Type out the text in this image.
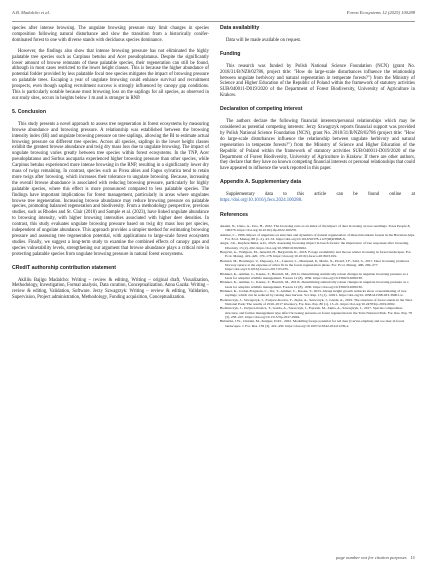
A.B. Madalcho et al.	Forest Ecosystems 12 (2025) 100288

species after intense browsing. The ungulate browsing pressure may limit changes in species composition following natural disturbance and slow the transition from a historically conifer-dominated forest to one with diverse stands with deciduous species dominance.

However, the findings also show that intense browsing pressure has not eliminated the highly palatable tree species such as Carpinus betulus and Acer pseudoplatanus. Despite the significantly lower amount of browse remnants of these palatable species, their regeneration can still be found, although in most cases restricted to the lower height classes. This is because the higher abundance of potential fodder provided by less palatable focal tree species mitigates the impact of browsing pressure on palatable trees. Escaping a year of ungulate browsing could enhance survival and recruitment prospects, even though sapling recruitment success is strongly influenced by canopy gap conditions. This is particularly notable because most browsing loss on the saplings for all species, as observed in our study sites, occurs in heights below 1 m and is stronger in RNP.

5. Conclusion

This study presents a novel approach to assess tree regeneration in forest ecosystems by measuring browse abundance and browsing pressure. A relationship was established between the browsing intensity index (BI) and ungulate browsing pressure on tree saplings, allowing the BI to estimate actual browsing pressure on different tree species. Across all species, saplings in the lower height classes exhibit the greatest browse abundance and twig dry mass loss due to ungulate browsing. The impact of ungulate browsing varies greatly between tree species within forest ecosystems. In the TNP, Acer pseudoplatanus and Sorbus aucuparia experienced higher browsing pressure than other species, while Carpinus betulus experienced more intense browsing in the RNP, resulting in a significantly lower dry mass of twigs remaining. In contrast, species such as Picea abies and Fagus sylvatica tend to retain more twigs after browsing, which increases their tolerance to ungulate browsing. Because, increasing the overall browse abundance is associated with reducing browsing pressure, particularly for highly palatable species, where this effect is more pronounced compared to less palatable species. The findings have important implications for forest management, particularly in areas where ungulates browse tree regeneration. Increasing browse abundance may reduce browsing pressure on palatable species, promoting balanced regeneration and biodiversity. From a methodology perspective, previous studies, such as Rhodes and St. Clair (2018) and Sample et al. (2023), have linked ungulate abundance to browsing intensity, with higher browsing intensities associated with higher deer densities. In contrast, this study evaluates ungulate browsing pressure based on twig dry mass loss per species, independent of ungulate abundance. This approach provides a simpler method for estimating browsing pressure and assessing tree regeneration potential, with applications to large-scale forest ecosystem studies. Finally, we suggest a long-term study to examine the combined effects of canopy gaps and species vulnerability levels, strengthening our argument that browse abundance plays a critical role in protecting palatable species from ungulate browsing pressure in natural forest ecosystems.

CRediT authorship contribution statement

Akililu Bajigo Madalcho: Writing – review & editing, Writing – original draft, Visualization, Methodology, Investigation, Formal analysis, Data curation, Conceptualization. Anna Gazda: Writing – review & editing, Validation, Software. Jerzy Szwagrzyk: Writing – review & editing, Validation, Supervision, Project administration, Methodology, Funding acquisition, Conceptualization.

Data availability

Data will be made available on request.

Funding

This research was funded by Polish National Science Foundation (NCN) (grant No. 2018/31/B/NZ8/02786, project title: "How do large-scale disturbances influence the relationship between ungulate herbivory and natural regeneration in temperate forests?") from the Ministry of Science and Higher Education of the Republic of Poland within the framework of statutory activities SUB/040011-D019/2020 of the Department of Forest Biodiversity, University of Agriculture in Krakow.

Declaration of competing interest

The authors declare the following financial interests/personal relationships which may be considered as potential competing interests: Jerzy Szwagrzyk reports financial support was provided by Polish National Science Foundation (NCN), grant No. 2018/31/B/NZ8/02786 (project title: "How do large-scale disturbances influence the relationship between ungulate herbivory and natural regeneration in temperate forests?") from the Ministry of Science and Higher Education of the Republic of Poland within the framework of statutory activities SUB/040011-D019/2020 of the Department of Forest Biodiversity, University of Agriculture in Krakow. If there are other authors, they declare that they have no known competing financial interests or personal relationships that could have appeared to influence the work reported in this paper.

Appendix A. Supplementary data

Supplementary data to this article can be found online at https://doi.org/10.1016/j.fecs.2024.100288.

References

Akashi, N., Unno, A., Uno, H., 2022. The browsing ratio as an index of the impact of deer browsing on tree seedlings. Trees People 8, 100270. https://doi.org/10.1016/j.tfp.2022.100270.

Ammer, C., 1996. Impact of ungulates on structure and dynamics of natural regeneration of mixed mountain forests in the Bavarian Alps. For. Ecol. Manag. 88 (1–2), 43–53. https://doi.org/10.1016/S0378-1127(96)03808-X.

Angst, J.K., Kupferschmid, A.D., 2023. Assessing browsing impact in beech forests: the importance of tree responses after browsing. Diversity 15 (2), 262. https://doi.org/10.3390/d15020262.

Bergvist, G., Wallgren, M., Jernelid, H., Bergström, R., 2018. Forage availability and moose winter browsing in forest landscapes. For. Ecol. Manag. 419–420, 170–178. https://doi.org/10.1016/j.foreco.2018.03.019.

Bernard, M., Boulanger, V., Dupouey, J.L., Laurent, L., Montpied, P., Morin, X., Picard, J.F., Saïd, S., 2017. Deer browsing promotes Norway spruce at the expense of silver fir in the forest regeneration phase. For. Ecol. Manag. 400, 269–277. https://doi.org/10.1016/j.foreco.2017.05.035.

Bödeker, K., Ammer, C., Knoke, T., Heurich, M., 2021a. Determining statistically robust changes in ungulate browsing pressure as a basis for adaptive wildlife management. Forests 12 (8), 1030. https://doi.org/10.3390/f12081030.

Bödeker, K., Ammer, C., Knoke, T., Heurich, M., 2021b. Determining statistically robust changes in ungulate browsing pressure as a basis for adaptive wildlife management. Forests 12 (8), 1030. https://doi.org/10.3390/f12081030.

Bödeker, K., Jordan-Fragstein, C., Vor, T., Ammer, C., Knoke, T., 2023. Abrupt height growth setbacks show overestimating of tree saplings, which can be reduced by raising deer harvest. Sci. Rep. 13 (1), 12021. https://doi.org/10.1038/s41598-023-39001-w.

Bodziarczyk, J., Szwagrzyk, J., Zwijacz-Kozica, T., Zięba, A., Szewczyk, J., Gazda, A., 2019. The structure of forest stands in the Tatra National Park: The results of 2016–2017 inventory. For. Res. Pap. 80 (1), 13–21. https://doi.org/10.2478/frp-2019-0002.

Bodziarczyk, J., Zwijacz-Kozica, T., Gazda, A., Szewczyk, J., Frączek, M., Zięba, A., Szwagrzyk, J., 2017. Species composition, structure, and former management type affect browsing pressure on forest regeneration in the Tatra National Park. For. Res. Pap. 78 (3), 238–247. https://doi.org/10.1515/frp-2017-0026.

Bubnicki, J.W., Churski, M., Kuijper, D.P.J., 2022. Modelling forage potential for red deer (Cervus elaphus) and roe deer in forest landscapes. J. For. Res. 139 (3), 419–430. https://doi.org/10.1007/s10342-019-01239-x.

page number not for citation purposes 11
